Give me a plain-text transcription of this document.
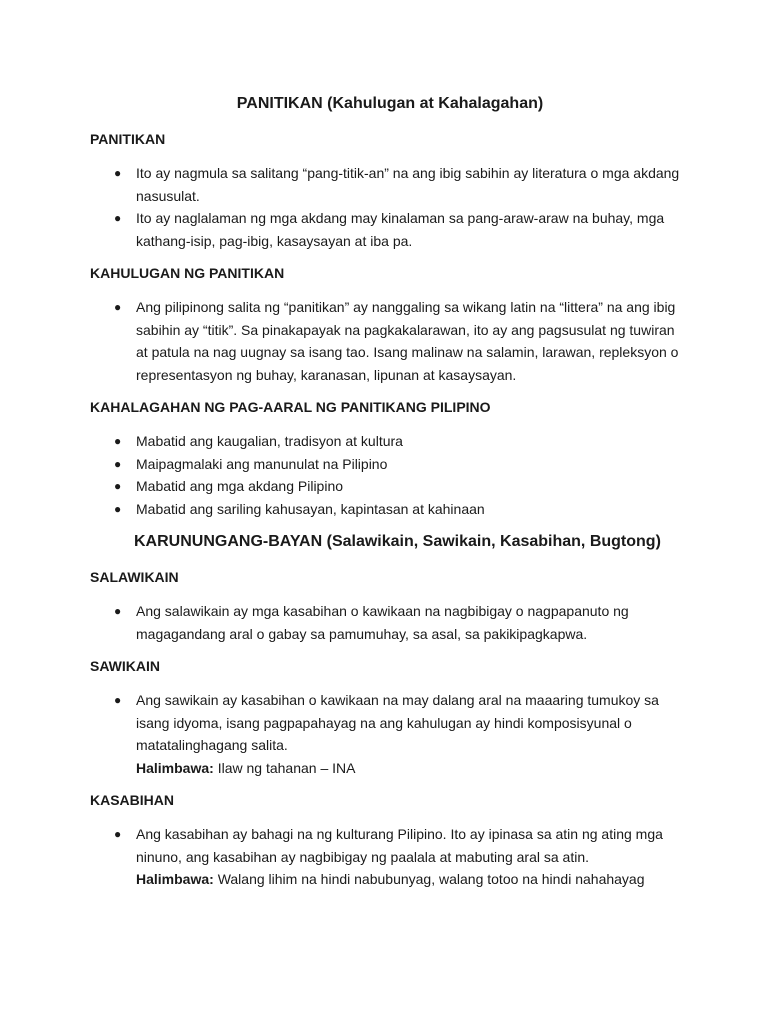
PANITIKAN (Kahulugan at Kahalagahan)
PANITIKAN
● Ito ay nagmula sa salitang “pang-titik-an” na ang ibig sabihin ay literatura o mga akdang nasusulat.
● Ito ay naglalaman ng mga akdang may kinalaman sa pang-araw-araw na buhay, mga kathang-isip, pag-ibig, kasaysayan at iba pa.
KAHULUGAN NG PANITIKAN
● Ang pilipinong salita ng “panitikan” ay nanggaling sa wikang latin na “littera” na ang ibig sabihin ay “titik”. Sa pinakapayak na pagkakalarawan, ito ay ang pagsusulat ng tuwiran at patula na nag uugnay sa isang tao. Isang malinaw na salamin, larawan, repleksyon o representasyon ng buhay, karanasan, lipunan at kasaysayan.
KAHALAGAHAN NG PAG-AARAL NG PANITIKANG PILIPINO
● Mabatid ang kaugalian, tradisyon at kultura
● Maipagmalaki ang manunulat na Pilipino
● Mabatid ang mga akdang Pilipino
● Mabatid ang sariling kahusayan, kapintasan at kahinaan
KARUNUNGANG-BAYAN (Salawikain, Sawikain, Kasabihan, Bugtong)
SALAWIKAIN
● Ang salawikain ay mga kasabihan o kawikaan na nagbibigay o nagpapanuto ng magagandang aral o gabay sa pamumuhay, sa asal, sa pakikipagkapwa.
SAWIKAIN
● Ang sawikain ay kasabihan o kawikaan na may dalang aral na maaaring tumukoy sa isang idyoma, isang pagpapahayag na ang kahulugan ay hindi komposisyunal o matatalinghagang salita.
Halimbawa: Ilaw ng tahanan – INA
KASABIHAN
● Ang kasabihan ay bahagi na ng kulturang Pilipino. Ito ay ipinasa sa atin ng ating mga ninuno, ang kasabihan ay nagbibigay ng paalala at mabuting aral sa atin.
Halimbawa: Walang lihim na hindi nabubunyag, walang totoo na hindi nahahayag
